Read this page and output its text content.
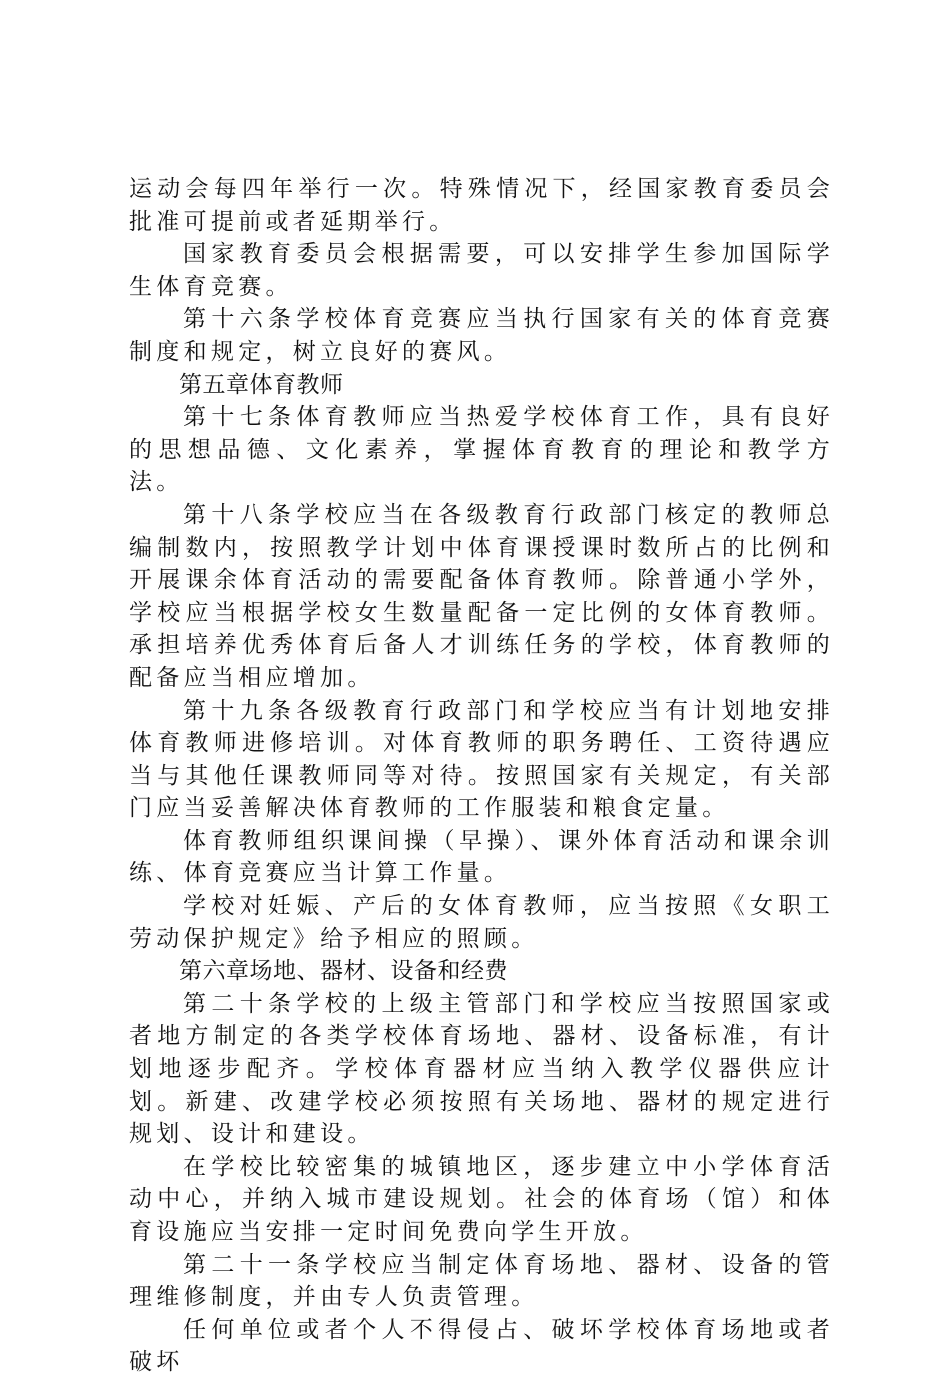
运动会每四年举行一次。特殊情况下，经国家教育委员会批准可提前或者延期举行。

国家教育委员会根据需要，可以安排学生参加国际学生体育竞赛。

第十六条学校体育竞赛应当执行国家有关的体育竞赛制度和规定，树立良好的赛风。

第五章体育教师

第十七条体育教师应当热爱学校体育工作，具有良好的思想品德、文化素养，掌握体育教育的理论和教学方法。

第十八条学校应当在各级教育行政部门核定的教师总编制数内，按照教学计划中体育课授课时数所占的比例和开展课余体育活动的需要配备体育教师。除普通小学外，学校应当根据学校女生数量配备一定比例的女体育教师。承担培养优秀体育后备人才训练任务的学校，体育教师的配备应当相应增加。

第十九条各级教育行政部门和学校应当有计划地安排体育教师进修培训。对体育教师的职务聘任、工资待遇应当与其他任课教师同等对待。按照国家有关规定，有关部门应当妥善解决体育教师的工作服装和粮食定量。

体育教师组织课间操（早操）、课外体育活动和课余训练、体育竞赛应当计算工作量。

学校对妊娠、产后的女体育教师，应当按照《女职工劳动保护规定》给予相应的照顾。

第六章场地、器材、设备和经费

第二十条学校的上级主管部门和学校应当按照国家或者地方制定的各类学校体育场地、器材、设备标准，有计划地逐步配齐。学校体育器材应当纳入教学仪器供应计划。新建、改建学校必须按照有关场地、器材的规定进行规划、设计和建设。

在学校比较密集的城镇地区，逐步建立中小学体育活动中心，并纳入城市建设规划。社会的体育场（馆）和体育设施应当安排一定时间免费向学生开放。

第二十一条学校应当制定体育场地、器材、设备的管理维修制度，并由专人负责管理。

任何单位或者个人不得侵占、破坏学校体育场地或者破坏
